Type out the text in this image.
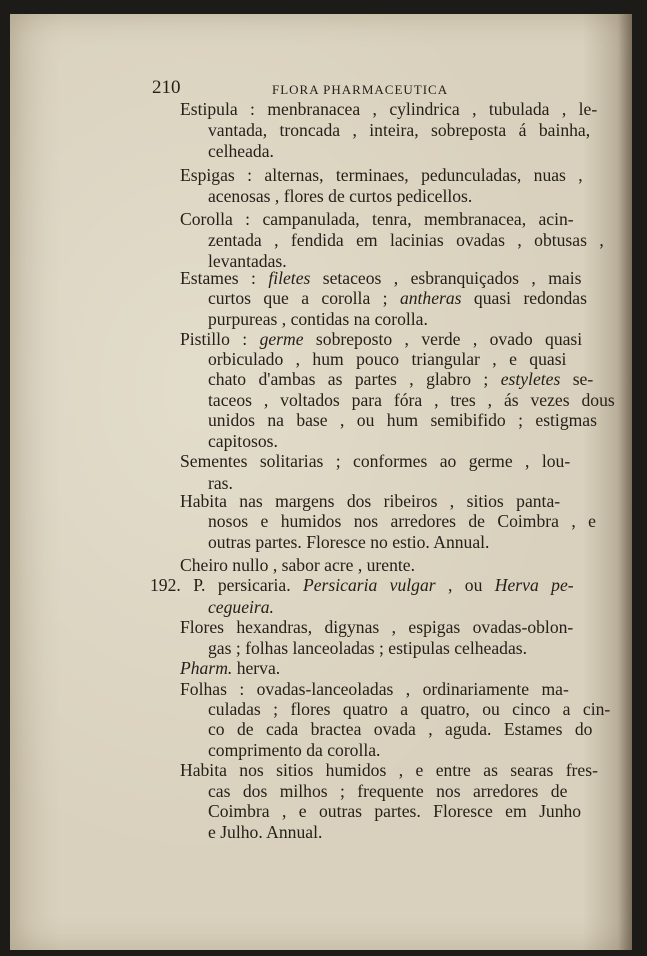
210	FLORA PHARMACEUTICA
Estipula : menbranacea , cylindrica , tubulada , le-
vantada, troncada , inteira, sobreposta á bainha,
celheada.
Espigas : alternas, terminaes, pedunculadas, nuas ,
acenosas , flores de curtos pedicellos.
Corolla : campanulada, tenra, membranacea, acin-
zentada , fendida em lacinias ovadas , obtusas ,
levantadas.
Estames : filetes setaceos , esbranquiçados , mais
curtos que a corolla ; antheras quasi redondas
purpureas , contidas na corolla.
Pistillo : germe sobreposto , verde , ovado quasi
orbiculado , hum pouco triangular , e quasi
chato d'ambas as partes , glabro ; estyletes se-
taceos , voltados para fóra , tres , ás vezes dous
unidos na base , ou hum semibifido ; estigmas
capitosos.
Sementes solitarias ; conformes ao germe , lou-
ras.
Habita nas margens dos ribeiros , sitios panta-
nosos e humidos nos arredores de Coimbra , e
outras partes. Floresce no estio. Annual.
Cheiro nullo , sabor acre , urente.
192. P. persicaria. Persicaria vulgar , ou Herva pe-
cegueira.
Flores hexandras, digynas , espigas ovadas-oblon-
gas ; folhas lanceoladas ; estipulas celheadas.
Pharm. herva.
Folhas : ovadas-lanceoladas , ordinariamente ma-
culadas ; flores quatro a quatro, ou cinco a cin-
co de cada bractea ovada , aguda. Estames do
comprimento da corolla.
Habita nos sitios humidos , e entre as searas fres-
cas dos milhos ; frequente nos arredores de
Coimbra , e outras partes. Floresce em Junho
e Julho. Annual.
